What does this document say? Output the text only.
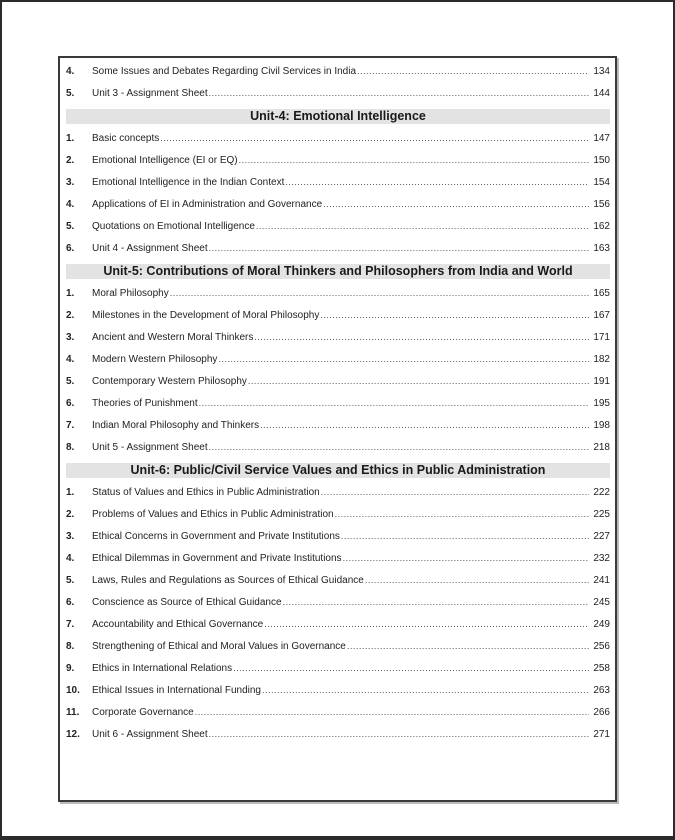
4.	Some Issues and Debates Regarding Civil Services in India .....	134
5.	Unit 3 - Assignment Sheet .....	144
Unit-4: Emotional Intelligence
1.	Basic concepts .....	147
2.	Emotional Intelligence (EI or EQ) .....	150
3.	Emotional Intelligence in the Indian Context .....	154
4.	Applications of EI in Administration and Governance .....	156
5.	Quotations on Emotional Intelligence .....	162
6.	Unit 4 - Assignment Sheet .....	163
Unit-5: Contributions of Moral Thinkers and Philosophers from India and World
1.	Moral Philosophy .....	165
2.	Milestones in the Development of Moral Philosophy .....	167
3.	Ancient and Western Moral Thinkers .....	171
4.	Modern Western Philosophy .....	182
5.	Contemporary Western Philosophy .....	191
6.	Theories of Punishment .....	195
7.	Indian Moral Philosophy and Thinkers .....	198
8.	Unit 5 - Assignment Sheet .....	218
Unit-6: Public/Civil Service Values and Ethics in Public Administration
1.	Status of Values and Ethics in Public Administration .....	222
2.	Problems of Values and Ethics in Public Administration .....	225
3.	Ethical Concerns in Government and Private Institutions .....	227
4.	Ethical Dilemmas in Government and Private Institutions .....	232
5.	Laws, Rules and Regulations as Sources of Ethical Guidance .....	241
6.	Conscience as Source of Ethical Guidance .....	245
7.	Accountability and Ethical Governance .....	249
8.	Strengthening of Ethical and Moral Values in Governance .....	256
9.	Ethics in International Relations .....	258
10.	Ethical Issues in International Funding .....	263
11.	Corporate Governance .....	266
12.	Unit 6 - Assignment Sheet .....	271
